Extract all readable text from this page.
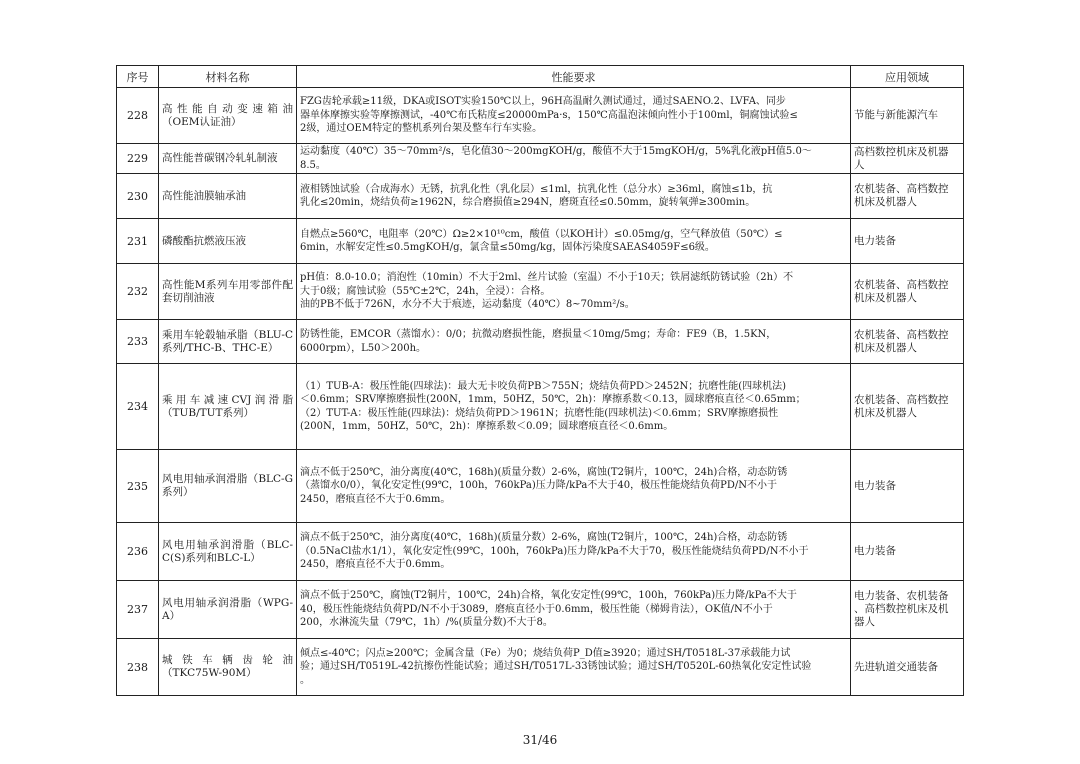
序号	材料名称	性能要求	应用领域
228	高性能自动变速箱油（OEM认证油）	FZG齿轮承载≥11级，DKA或ISOT实验150℃以上，96H高温耐久测试通过，通过SAENO.2、LVFA、同步
器单体摩擦实验等摩擦测试，-40℃布氏粘度≤20000mPa·s，150℃高温泡沫倾向性小于100ml，铜腐蚀试验≤
2级，通过OEM特定的整机系列台架及整车行车实验。	节能与新能源汽车

229	高性能普碳钢冷轧轧制液	运动黏度（40℃）35～70mm²/s，皂化值30～200mgKOH/g，酸值不大于15mgKOH/g，5%乳化液pH值5.0～
8.5。	高档数控机床及机器
人

230	高性能油膜轴承油	液相锈蚀试验（合成海水）无锈，抗乳化性（乳化层）≤1ml，抗乳化性（总分水）≥36ml，腐蚀≤1b，抗
乳化≤20min，烧结负荷≥1962N，综合磨损值≥294N，磨斑直径≤0.50mm，旋转氧弹≥300min。	农机装备、高档数控
机床及机器人

231	磷酸酯抗燃液压液	自燃点≥560℃，电阻率（20℃）Ω≥2×10¹⁰cm，酸值（以KOH计）≤0.05mg/g，空气释放值（50℃）≤
6min，水解安定性≤0.5mgKOH/g，氯含量≤50mg/kg，固体污染度SAEAS4059F≤6级。	电力装备

232	高性能M系列车用零部件配套切削油液	pH值：8.0-10.0；消泡性（10min）不大于2ml、丝片试验（室温）不小于10天；铁屑滤纸防锈试验（2h）不
大于0级；腐蚀试验（55℃±2℃，24h，全浸）：合格。
油的PB不低于726N，水分不大于痕迹，运动黏度（40℃）8~70mm²/s。	农机装备、高档数控
机床及机器人

233	乘用车轮毂轴承脂（BLU-C系列/THC-B、THC-E）	防锈性能，EMCOR（蒸馏水）：0/0；抗微动磨损性能，磨损量＜10mg/5mg；寿命：FE9（B，1.5KN，
6000rpm），L50＞200h。	农机装备、高档数控
机床及机器人

234	乘用车减速CVJ润滑脂（TUB/TUT系列）	（1）TUB-A：极压性能(四球法)：最大无卡咬负荷PB＞755N；烧结负荷PD＞2452N；抗磨性能(四球机法)
＜0.6mm；SRV摩擦磨损性(200N，1mm，50HZ，50℃，2h)：摩擦系数＜0.13，圆球磨痕直径＜0.65mm；
（2）TUT-A：极压性能(四球法)：烧结负荷PD＞1961N；抗磨性能(四球机法)＜0.6mm；SRV摩擦磨损性
(200N，1mm，50HZ，50℃，2h)：摩擦系数＜0.09；圆球磨痕直径＜0.6mm。	农机装备、高档数控
机床及机器人

235	风电用轴承润滑脂（BLC-G系列）	滴点不低于250℃，油分离度(40℃，168h)(质量分数）2-6%，腐蚀(T2铜片，100℃，24h)合格，动态防锈
（蒸馏水0/0），氧化安定性(99℃，100h，760kPa)压力降/kPa不大于40，极压性能烧结负荷PD/N不小于
2450，磨痕直径不大于0.6mm。	电力装备

236	风电用轴承润滑脂（BLC-C(S)系列和BLC-L）	滴点不低于250℃，油分离度(40℃，168h)(质量分数）2-6%，腐蚀(T2铜片，100℃，24h)合格，动态防锈
（0.5NaCl盐水1/1），氧化安定性(99℃，100h，760kPa)压力降/kPa不大于70，极压性能烧结负荷PD/N不小于
2450，磨痕直径不大于0.6mm。	电力装备

237	风电用轴承润滑脂（WPG-A）	滴点不低于250℃，腐蚀(T2铜片，100℃，24h)合格，氧化安定性(99℃，100h，760kPa)压力降/kPa不大于
40，极压性能烧结负荷PD/N不小于3089，磨痕直径小于0.6mm，极压性能（梯姆肯法），OK值/N不小于
200，水淋流失量（79℃，1h）/%(质量分数)不大于8。	电力装备、农机装备
、高档数控机床及机
器人

238	城铁车辆齿轮油（TKC75W-90M）	倾点≤-40℃；闪点≥200℃；金属含量（Fe）为0；烧结负荷P_D值≥3920；通过SH/T0518L-37承载能力试
验；通过SH/T0519L-42抗擦伤性能试验；通过SH/T0517L-33锈蚀试验；通过SH/T0520L-60热氧化安定性试验
。	先进轨道交通装备
31/46
